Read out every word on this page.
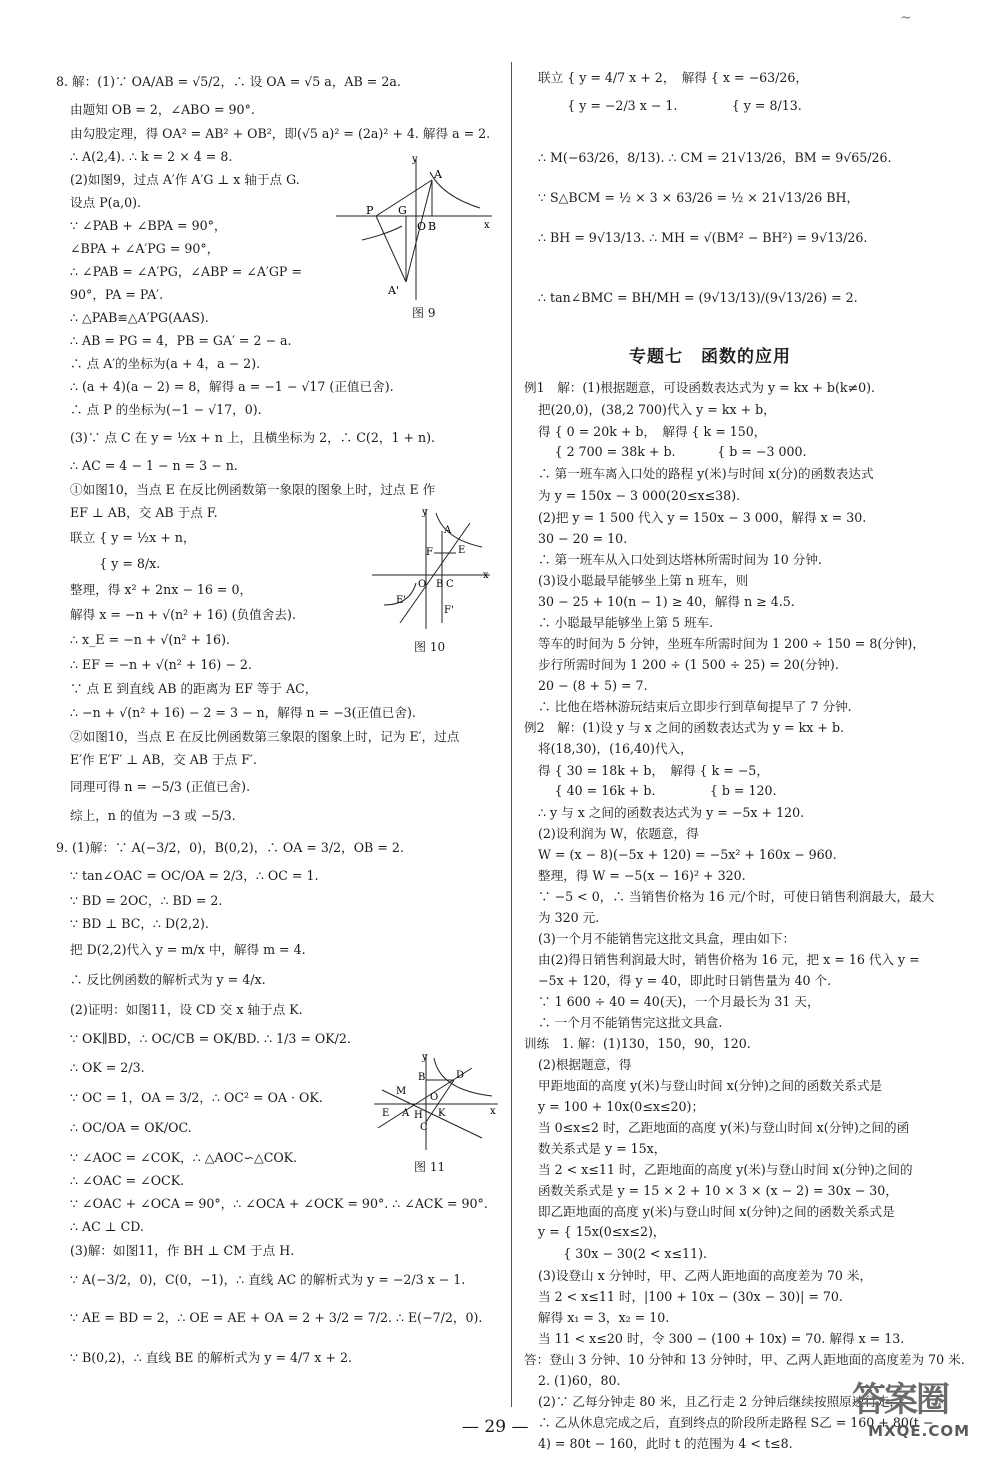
~
8. 解：(1)∵ OA/AB = √5/2，∴ 设 OA = √5 a，AB = 2a.
由题知 OB = 2，∠ABO = 90°.
由勾股定理，得 OA² = AB² + OB²，即(√5 a)² = (2a)² + 4. 解得 a = 2.
∴ A(2,4). ∴ k = 2 × 4 = 8.
(2)如图9，过点 A′作 A′G ⊥ x 轴于点 G.
设点 P(a,0).
∵ ∠PAB + ∠BPA = 90°，
∠BPA + ∠A′PG = 90°，
∴ ∠PAB = ∠A′PG，∠ABP = ∠A′GP =
90°，PA = PA′.
∴ △PAB≌△A′PG(AAS).
∴ AB = PG = 4，PB = GA′ = 2 − a.
∴ 点 A′的坐标为(a + 4，a − 2).
∴ (a + 4)(a − 2) = 8，解得 a = −1 − √17 (正值已舍).
∴ 点 P 的坐标为(−1 − √17，0).
(3)∵ 点 C 在 y = ½x + n 上，且横坐标为 2，∴ C(2，1 + n).
∴ AC = 4 − 1 − n = 3 − n.
①如图10，当点 E 在反比例函数第一象限的图象上时，过点 E 作
EF ⊥ AB，交 AB 于点 F.
联立 { y = ½x + n，
　　 { y = 8/x.
整理，得 x² + 2nx − 16 = 0，
解得 x = −n + √(n² + 16) (负值舍去).
∴ x_E = −n + √(n² + 16).
∴ EF = −n + √(n² + 16) − 2.
∵ 点 E 到直线 AB 的距离为 EF 等于 AC，
∴ −n + √(n² + 16) − 2 = 3 − n，解得 n = −3(正值已舍).
②如图10，当点 E 在反比例函数第三象限的图象上时，记为 E′，过点
E′作 E′F′ ⊥ AB，交 AB 于点 F′.
同理可得 n = −5/3 (正值已舍).
综上，n 的值为 −3 或 −5/3.
9. (1)解：∵ A(−3/2，0)，B(0,2)，∴ OA = 3/2，OB = 2.
∵ tan∠OAC = OC/OA = 2/3，∴ OC = 1.
∵ BD = 2OC，∴ BD = 2.
∵ BD ⊥ BC，∴ D(2,2).
把 D(2,2)代入 y = m/x 中，解得 m = 4.
∴ 反比例函数的解析式为 y = 4/x.
(2)证明：如图11，设 CD 交 x 轴于点 K.
∵ OK∥BD，∴ OC/CB = OK/BD. ∴ 1/3 = OK/2.
∴ OK = 2/3.
∵ OC = 1，OA = 3/2，∴ OC² = OA · OK.
∴ OC/OA = OK/OC.
∵ ∠AOC = ∠COK，∴ △AOC∽△COK.
∴ ∠OAC = ∠OCK.
∵ ∠OAC + ∠OCA = 90°，∴ ∠OCA + ∠OCK = 90°. ∴ ∠ACK = 90°.
∴ AC ⊥ CD.
(3)解：如图11，作 BH ⊥ CM 于点 H.
∵ A(−3/2，0)，C(0，−1)，∴ 直线 AC 的解析式为 y = −2/3 x − 1.
∵ AE = BD = 2，∴ OE = AE + OA = 2 + 3/2 = 7/2. ∴ E(−7/2，0).
∵ B(0,2)，∴ 直线 BE 的解析式为 y = 4/7 x + 2.
y
x
A
P G
O B
A'
图 9
y
x
A
E
F
O B C
E'
F'
图 10
y
x
B	D
M
O
E A H
C
K
图 11
联立 { y = 4/7 x + 2，　解得 { x = −63/26，
　　 { y = −2/3 x − 1.　　　　 { y = 8/13.
∴ M(−63/26，8/13). ∴ CM = 21√13/26，BM = 9√65/26.
∵ S△BCM = ½ × 3 × 63/26 = ½ × 21√13/26 BH，
∴ BH = 9√13/13. ∴ MH = √(BM² − BH²) = 9√13/26.
∴ tan∠BMC = BH/MH = (9√13/13)/(9√13/26) = 2.
专题七　函数的应用
例1　解：(1)根据题意，可设函数表达式为 y = kx + b(k≠0).
把(20,0)，(38,2 700)代入 y = kx + b，
得 { 0 = 20k + b，　解得 { k = 150，
　 { 2 700 = 38k + b.　　　 { b = −3 000.
∴ 第一班车离入口处的路程 y(米)与时间 x(分)的函数表达式
为 y = 150x − 3 000(20≤x≤38).
(2)把 y = 1 500 代入 y = 150x − 3 000，解得 x = 30.
30 − 20 = 10.
∴ 第一班车从入口处到达塔林所需时间为 10 分钟.
(3)设小聪最早能够坐上第 n 班车，则
30 − 25 + 10(n − 1) ≥ 40，解得 n ≥ 4.5.
∴ 小聪最早能够坐上第 5 班车.
等车的时间为 5 分钟，坐班车所需时间为 1 200 ÷ 150 = 8(分钟)，
步行所需时间为 1 200 ÷ (1 500 ÷ 25) = 20(分钟).
20 − (8 + 5) = 7.
∴ 比他在塔林游玩结束后立即步行到草甸提早了 7 分钟.
例2　解：(1)设 y 与 x 之间的函数表达式为 y = kx + b.
将(18,30)，(16,40)代入，
得 { 30 = 18k + b，　解得 { k = −5，
　 { 40 = 16k + b.　　　　 { b = 120.
∴ y 与 x 之间的函数表达式为 y = −5x + 120.
(2)设利润为 W，依题意，得
W = (x − 8)(−5x + 120) = −5x² + 160x − 960.
整理，得 W = −5(x − 16)² + 320.
∵ −5 < 0，∴ 当销售价格为 16 元/个时，可使日销售利润最大，最大
为 320 元.
(3)一个月不能销售完这批文具盒，理由如下：
由(2)得日销售利润最大时，销售价格为 16 元，把 x = 16 代入 y =
−5x + 120，得 y = 40，即此时日销售量为 40 个.
∵ 1 600 ÷ 40 = 40(天)，一个月最长为 31 天，
∴ 一个月不能销售完这批文具盒.
训练　1. 解：(1)130，150，90，120.
(2)根据题意，得
甲距地面的高度 y(米)与登山时间 x(分钟)之间的函数关系式是
y = 100 + 10x(0≤x≤20)；
当 0≤x≤2 时，乙距地面的高度 y(米)与登山时间 x(分钟)之间的函
数关系式是 y = 15x，
当 2 < x≤11 时，乙距地面的高度 y(米)与登山时间 x(分钟)之间的
函数关系式是 y = 15 × 2 + 10 × 3 × (x − 2) = 30x − 30，
即乙距地面的高度 y(米)与登山时间 x(分钟)之间的函数关系式是
y = { 15x(0≤x≤2)，
　　{ 30x − 30(2 < x≤11).
(3)设登山 x 分钟时，甲、乙两人距地面的高度差为 70 米，
当 2 < x≤11 时，|100 + 10x − (30x − 30)| = 70.
解得 x₁ = 3，x₂ = 10.
当 11 < x≤20 时，令 300 − (100 + 10x) = 70. 解得 x = 13.
答：登山 3 分钟、10 分钟和 13 分钟时，甲、乙两人距地面的高度差为 70 米.
2. (1)60，80.
(2)∵ 乙每分钟走 80 米，且乙行走 2 分钟后继续按照原速行走，
∴ 乙从休息完成之后，直到终点的阶段所走路程 S乙 = 160 + 80(t −
4) = 80t − 160，此时 t 的范围为 4 < t≤8.
— 29 —
答案圈
MXQE.COM
